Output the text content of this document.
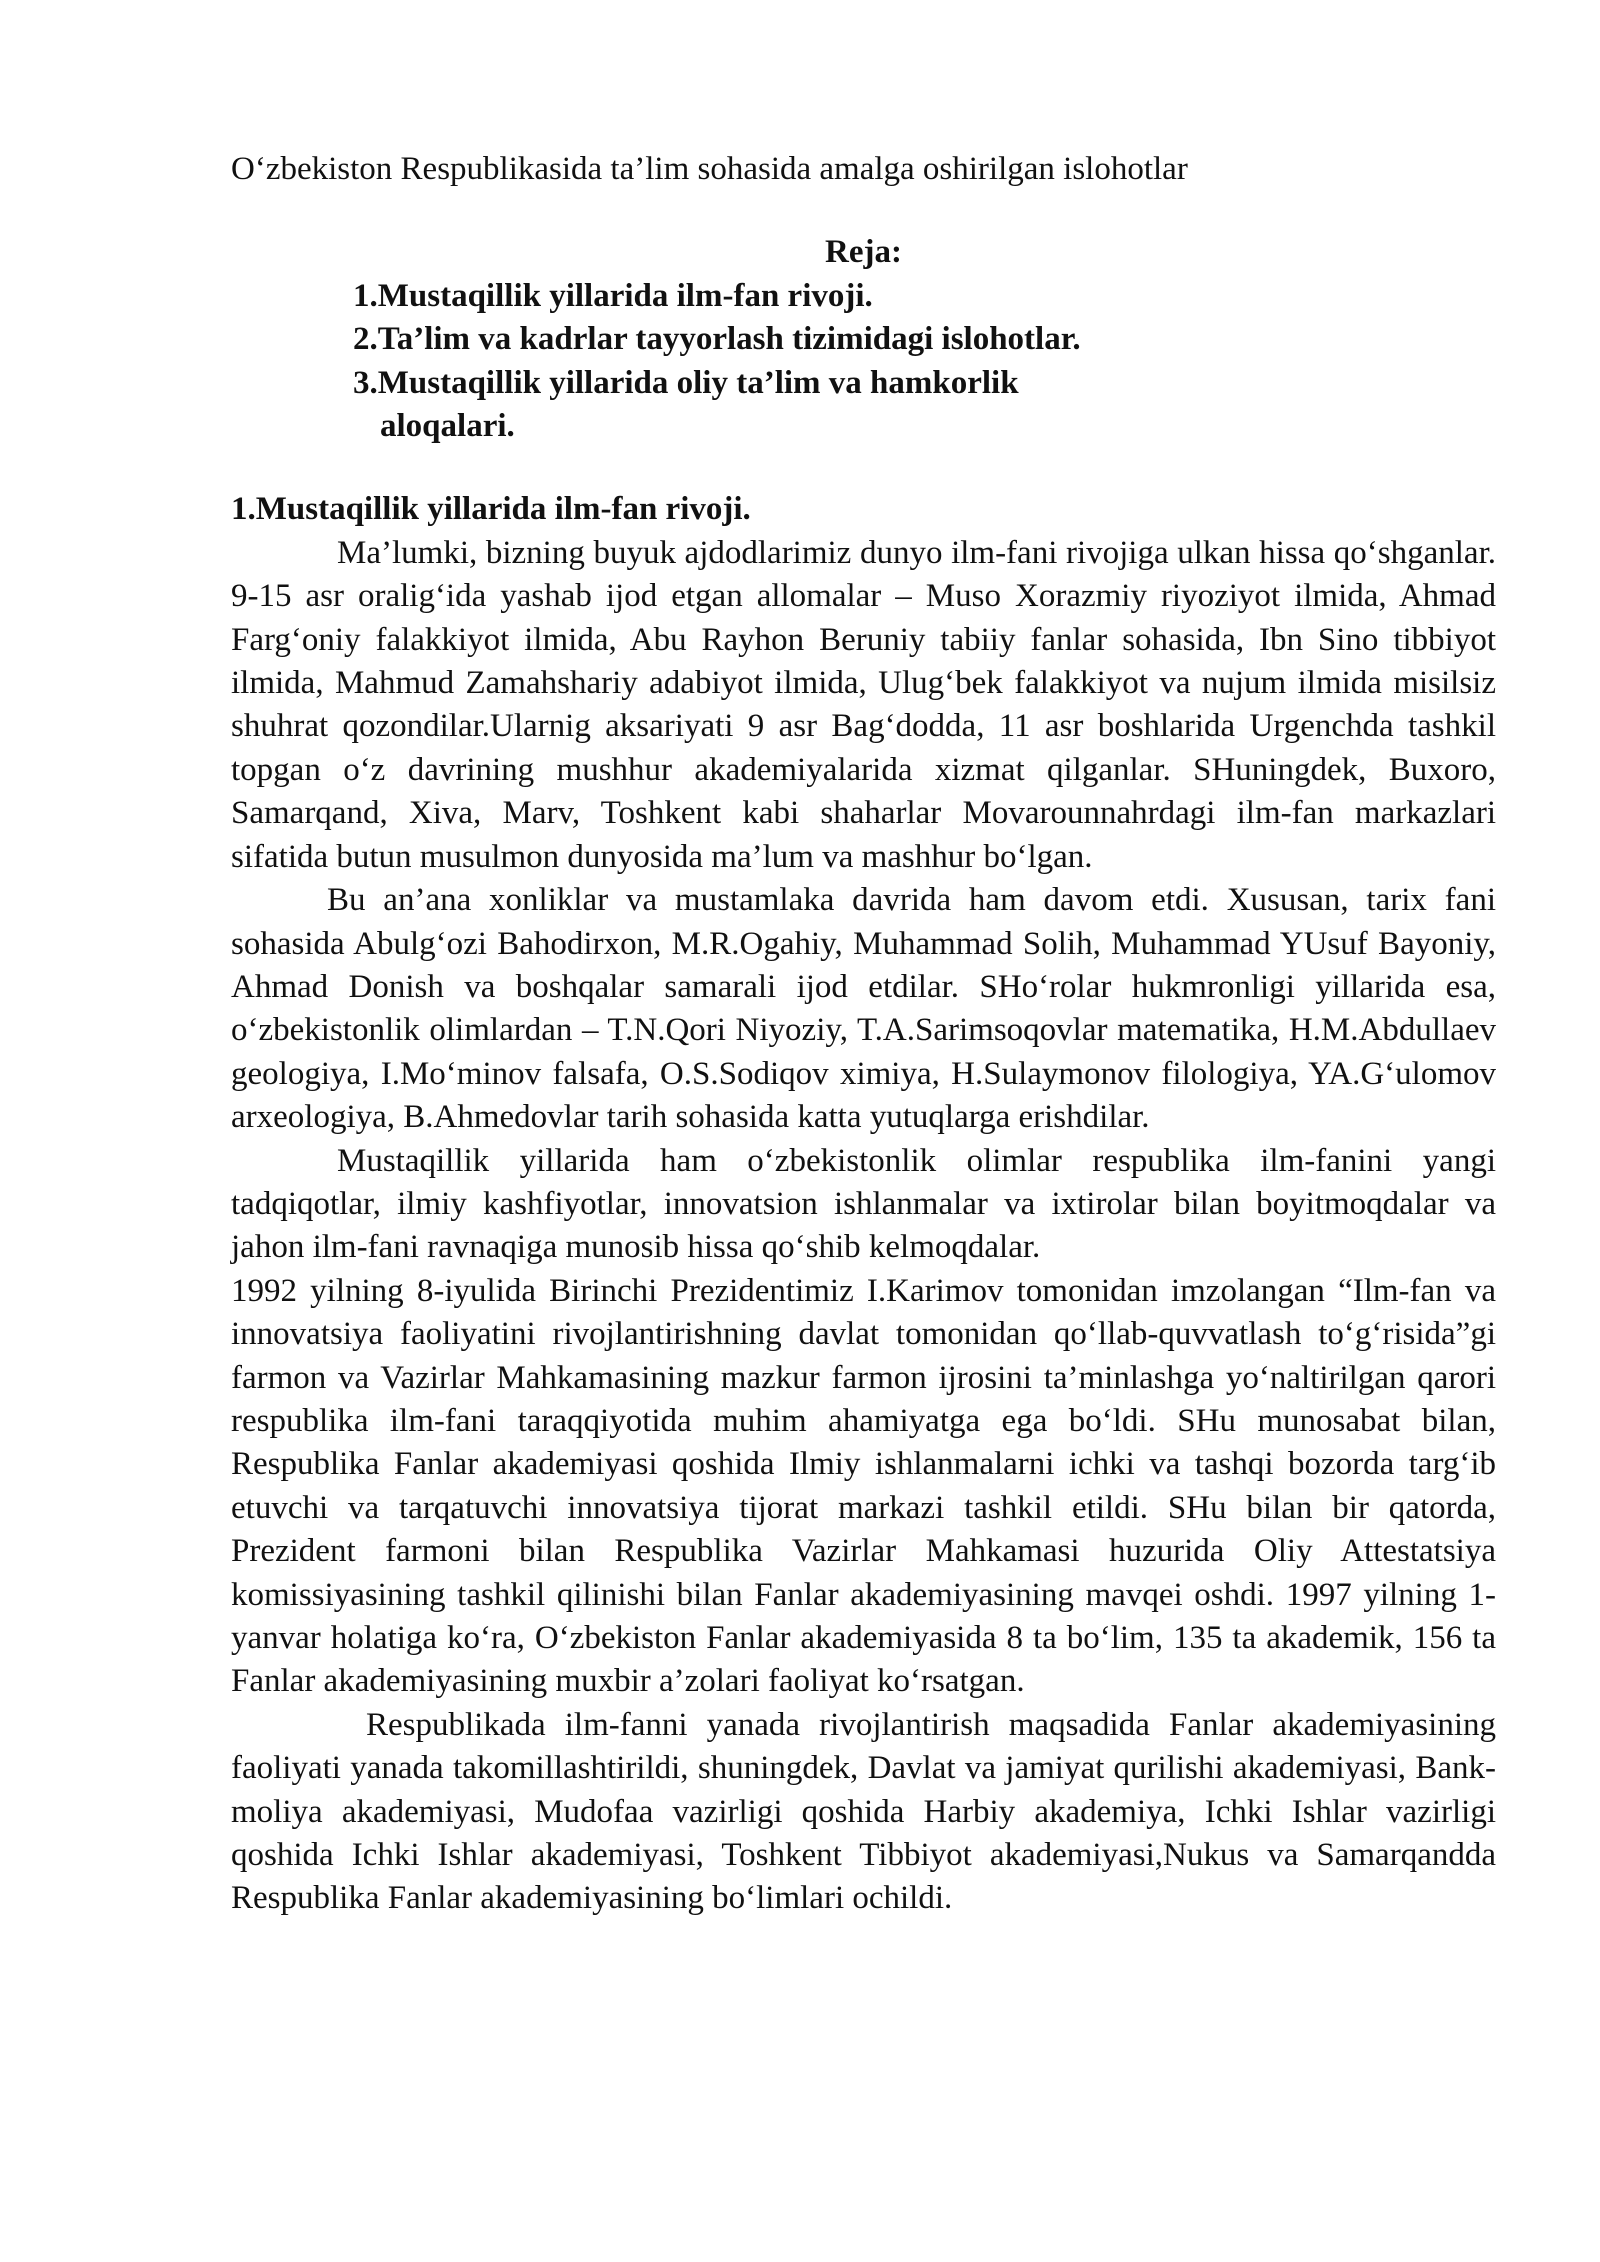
O‘zbekiston Respublikasida ta’lim sohasida amalga oshirilgan islohotlar

Reja:

1.Mustaqillik yillarida ilm-fan rivoji.
2.Ta’lim va kadrlar tayyorlash tizimidagi islohotlar.
3.Mustaqillik yillarida oliy ta’lim va hamkorlik
aloqalari.
1.Mustaqillik yillarida ilm-fan rivoji.

Ma’lumki, bizning buyuk ajdodlarimiz dunyo ilm-fani rivojiga ulkan hissa qo‘shganlar. 9-15 asr oralig‘ida yashab ijod etgan allomalar – Muso Xorazmiy riyoziyot ilmida, Ahmad Farg‘oniy falakkiyot ilmida, Abu Rayhon Beruniy tabiiy fanlar sohasida, Ibn Sino tibbiyot ilmida, Mahmud Zamahshariy adabiyot ilmida, Ulug‘bek falakkiyot va nujum ilmida misilsiz shuhrat qozondilar.Ularnig aksariyati 9 asr Bag‘dodda, 11 asr boshlarida Urgenchda tashkil topgan o‘z davrining mushhur akademiyalarida xizmat qilganlar. SHuningdek, Buxoro, Samarqand, Xiva, Marv, Toshkent kabi shaharlar Movarounnahrdagi ilm-fan markazlari sifatida butun musulmon dunyosida ma’lum va mashhur bo‘lgan.

Bu an’ana xonliklar va mustamlaka davrida ham davom etdi. Xususan, tarix fani sohasida Abulg‘ozi Bahodirxon, M.R.Ogahiy, Muhammad Solih, Muhammad YUsuf Bayoniy, Ahmad Donish va boshqalar samarali ijod etdilar. SHo‘rolar hukmronligi yillarida esa, o‘zbekistonlik olimlardan – T.N.Qori Niyoziy, T.A.Sarimsoqovlar matematika, H.M.Abdullaev geologiya, I.Mo‘minov falsafa, O.S.Sodiqov ximiya, H.Sulaymonov filologiya, YA.G‘ulomov arxeologiya, B.Ahmedovlar tarih sohasida katta yutuqlarga erishdilar.

Mustaqillik yillarida ham o‘zbekistonlik olimlar respublika ilm-fanini yangi tadqiqotlar, ilmiy kashfiyotlar, innovatsion ishlanmalar va ixtirolar bilan boyitmoqdalar va jahon ilm-fani ravnaqiga munosib hissa qo‘shib kelmoqdalar.

1992 yilning 8-iyulida Birinchi Prezidentimiz I.Karimov tomonidan imzolangan “Ilm-fan va innovatsiya faoliyatini rivojlantirishning davlat tomonidan qo‘llab-quvvatlash to‘g‘risida”gi farmon va Vazirlar Mahkamasining mazkur farmon ijrosini ta’minlashga yo‘naltirilgan qarori respublika ilm-fani taraqqiyotida muhim ahamiyatga ega bo‘ldi. SHu munosabat bilan, Respublika Fanlar akademiyasi qoshida Ilmiy ishlanmalarni ichki va tashqi bozorda targ‘ib etuvchi va tarqatuvchi innovatsiya tijorat markazi tashkil etildi. SHu bilan bir qatorda, Prezident farmoni bilan Respublika Vazirlar Mahkamasi huzurida Oliy Attestatsiya komissiyasining tashkil qilinishi bilan Fanlar akademiyasining mavqei oshdi. 1997 yilning 1-yanvar holatiga ko‘ra, O‘zbekiston Fanlar akademiyasida 8 ta bo‘lim, 135 ta akademik, 156 ta Fanlar akademiyasining muxbir a’zolari faoliyat ko‘rsatgan.

Respublikada ilm-fanni yanada rivojlantirish maqsadida Fanlar akademiyasining faoliyati yanada takomillashtirildi, shuningdek, Davlat va jamiyat qurilishi akademiyasi, Bank-moliya akademiyasi, Mudofaa vazirligi qoshida Harbiy akademiya, Ichki Ishlar vazirligi qoshida Ichki Ishlar akademiyasi, Toshkent Tibbiyot akademiyasi,Nukus va Samarqandda Respublika Fanlar akademiyasining bo‘limlari ochildi.
